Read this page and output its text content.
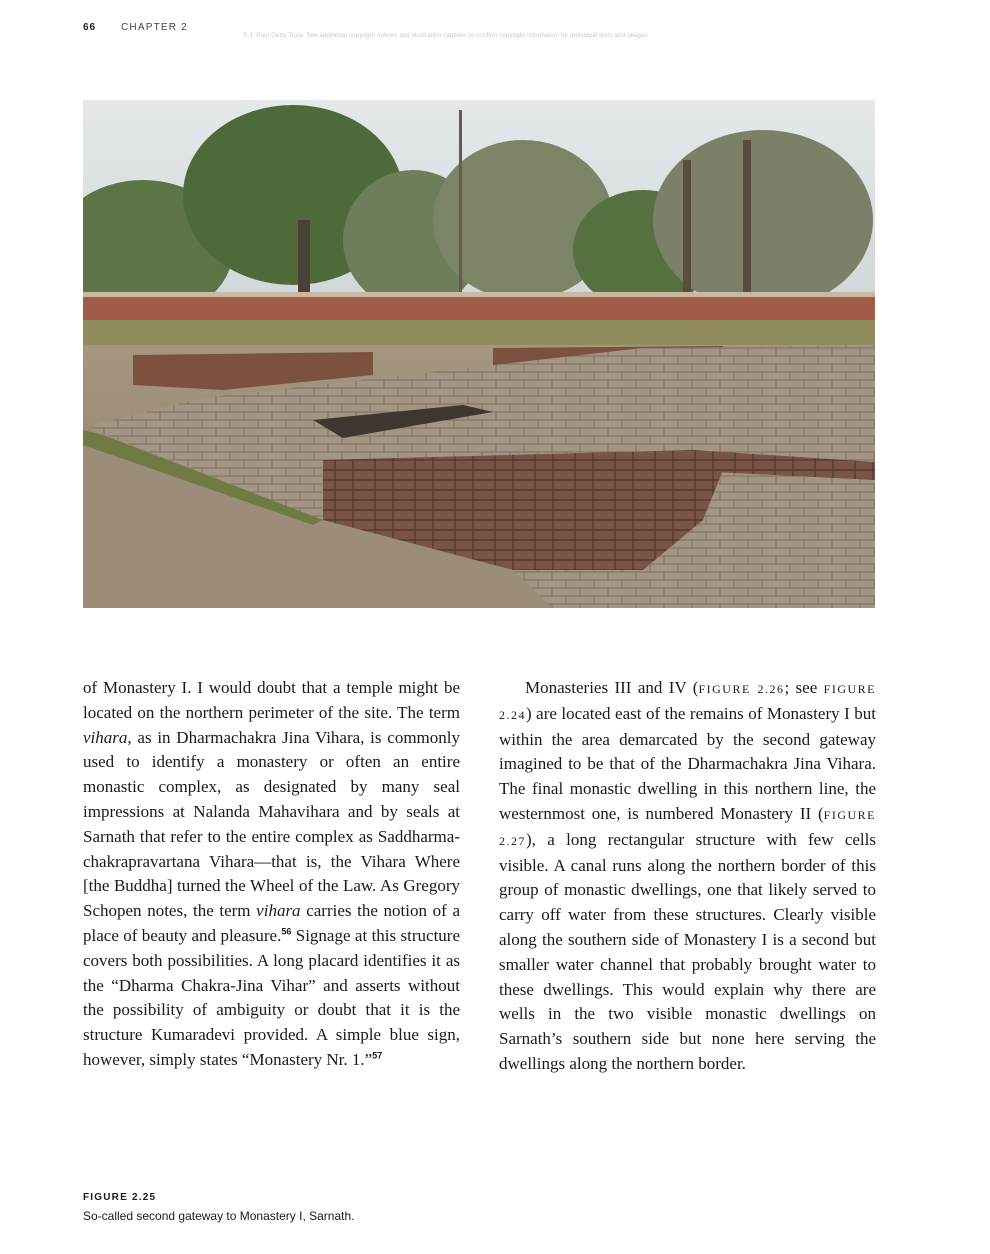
66 CHAPTER 2
© J. Paul Getty Trust. See additional copyright notices and illustration captions to confirm copyright information for individual texts and images

of Monastery I. I would doubt that a temple might be located on the northern perimeter of the site. The term vihara, as in Dharmachakra Jina Vihara, is commonly used to identify a monastery or often an entire monastic complex, as designated by many seal impressions at Nalanda Mahavihara and by seals at Sarnath that refer to the entire complex as Saddharmachakrapravartana Vihara—that is, the Vihara Where [the Buddha] turned the Wheel of the Law. As Gregory Schopen notes, the term vihara carries the notion of a place of beauty and pleasure.$^{56}$ Signage at this structure covers both possibilities. A long placard identifies it as the “Dharma Chakra-Jina Vihar” and asserts without the possibility of ambiguity or doubt that it is the structure Kumaradevi provided. A simple blue sign, however, simply states “Monastery Nr. 1.”$^{57}$

Monasteries III and IV (FIGURE 2.26; see FIGURE 2.24) are located east of the remains of Monastery I but within the area demarcated by the second gateway imagined to be that of the Dharmachakra Jina Vihara. The final monastic dwelling in this northern line, the westernmost one, is numbered Monastery II (FIGURE 2.27), a long rectangular structure with few cells visible. A canal runs along the northern border of this group of monastic dwellings, one that likely served to carry off water from these structures. Clearly visible along the southern side of Monastery I is a second but smaller water channel that probably brought water to these dwellings. This would explain why there are wells in the two visible monastic dwellings on Sarnath’s southern side but none here serving the dwellings along the northern border.

FIGURE 2.25
So-called second gateway to Monastery I, Sarnath.
